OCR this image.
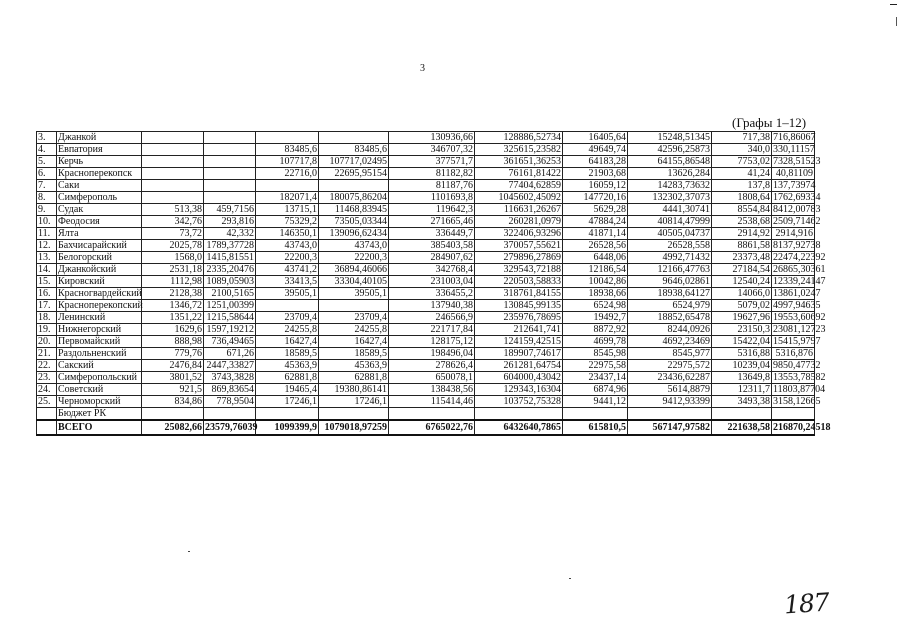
3
(Графы 1–12)
187
3.	Джанкой					130936,66	128886,52734	16405,64	15248,51345	717,38	716,86067
4.	Евпатория			83485,6	83485,6	346707,32	325615,23582	49649,74	42596,25873	340,0	330,11157
5.	Керчь			107717,8	107717,02495	377571,7	361651,36253	64183,28	64155,86548	7753,02	7328,51523
6.	Красноперекопск			22716,0	22695,95154	81182,82	76161,81422	21903,68	13626,284	41,24	40,81109
7.	Саки					81187,76	77404,62859	16059,12	14283,73632	137,8	137,73974
8.	Симферополь			182071,4	180075,86204	1101693,8	1045602,45092	147720,16	132302,37073	1808,64	1762,69334
9.	Судак	513,38	459,7156	13715,1	11468,83945	119642,3	116631,26267	5629,28	4441,30741	8554,84	8412,00783
10.	Феодосия	342,76	293,816	75329,2	73505,03344	271665,46	260281,0979	47884,24	40814,47999	2538,68	2509,71462
11.	Ялта	73,72	42,332	146350,1	139096,62434	336449,7	322406,93296	41871,14	40505,04737	2914,92	2914,916
12.	Бахчисарайский	2025,78	1789,37728	43743,0	43743,0	385403,58	370057,55621	26528,56	26528,558	8861,58	8137,92738
13.	Белогорский	1568,0	1415,81551	22200,3	22200,3	284907,62	279896,27869	6448,06	4992,71432	23373,48	22474,22392
14.	Джанкойский	2531,18	2335,20476	43741,2	36894,46066	342768,4	329543,72188	12186,54	12166,47763	27184,54	26865,30361
15.	Кировский	1112,98	1089,05903	33413,5	33304,40105	231003,04	220503,58833	10042,86	9646,02861	12540,24	12339,24147
16.	Красногвардейский	2128,38	2100,5165	39505,1	39505,1	336455,2	318761,84155	18938,66	18938,64127	14066,0	13861,0247
17.	Красноперекопский	1346,72	1251,00399			137940,38	130845,99135	6524,98	6524,979	5079,02	4997,94635
18.	Ленинский	1351,22	1215,58644	23709,4	23709,4	246566,9	235976,78695	19492,7	18852,65478	19627,96	19553,60692
19.	Нижнегорский	1629,6	1597,19212	24255,8	24255,8	221717,84	212641,741	8872,92	8244,0926	23150,3	23081,12723
20.	Первомайский	888,98	736,49465	16427,4	16427,4	128175,12	124159,42515	4699,78	4692,23469	15422,04	15415,9797
21.	Раздольненский	779,76	671,26	18589,5	18589,5	198496,04	189907,74617	8545,98	8545,977	5316,88	5316,876
22.	Сакский	2476,84	2447,33827	45363,9	45363,9	278626,4	261281,64754	22975,58	22975,572	10239,04	9850,47732
23.	Симферопольский	3801,52	3743,3828	62881,8	62881,8	650078,1	604000,43042	23437,14	23436,62287	13649,8	13553,78582
24.	Советский	921,5	869,83654	19465,4	19380,86141	138438,56	129343,16304	6874,96	5614,8879	12311,7	11803,87704
25.	Черноморский	834,86	778,9504	17246,1	17246,1	115414,46	103752,75328	9441,12	9412,93399	3493,38	3158,12665
	Бюджет РК										
	ВСЕГО	25082,66	23579,76039	1099399,9	1079018,97259	6765022,76	6432640,7865	615810,5	567147,97582	221638,58	216870,24518
